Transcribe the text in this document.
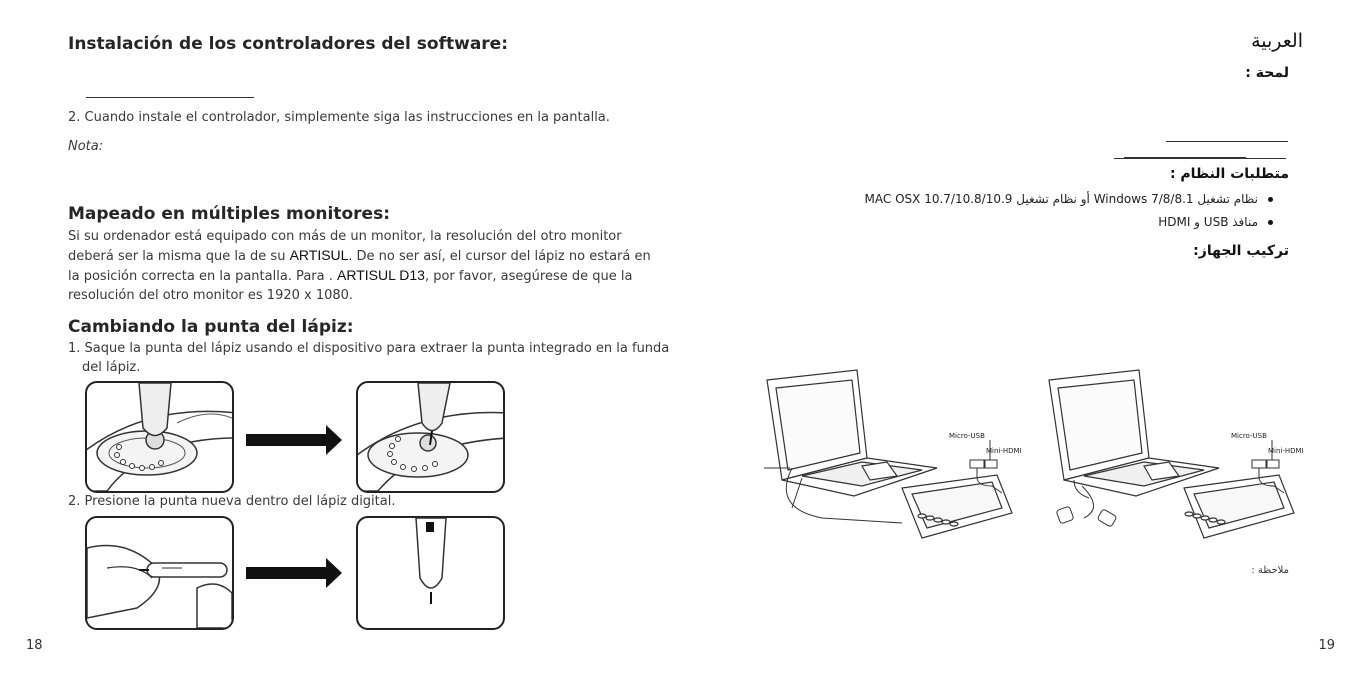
Instalación de los controladores del software:
2. Cuando instale el controlador, simplemente siga las instrucciones en la pantalla.
Nota:
Mapeado en múltiples monitores:
Si su ordenador está equipado con más de un monitor, la resolución del otro monitor
deberá ser la misma que la de su ARTISUL. De no ser así, el cursor del lápiz no estará en
la posición correcta en la pantalla. Para . ARTISUL D13, por favor, asegúrese de que la
resolución del otro monitor es 1920 x 1080.
Cambiando la punta del lápiz:
1. Saque la punta del lápiz usando el dispositivo para extraer la punta integrado en la funda
del lápiz.
2. Presione la punta nueva dentro del lápiz digital.
18
العربية
لمحة :
متطلبات النظام :
نظام تشغيل Windows 7/8/8.1 أو نظام تشغيل MAC OSX 10.7/10.8/10.9
منافذ USB و HDMI
تركيب الجهاز:
Micro-USB
Mini-HDMI
Micro-USB
Mini-HDMI
ملاحظة :
19
